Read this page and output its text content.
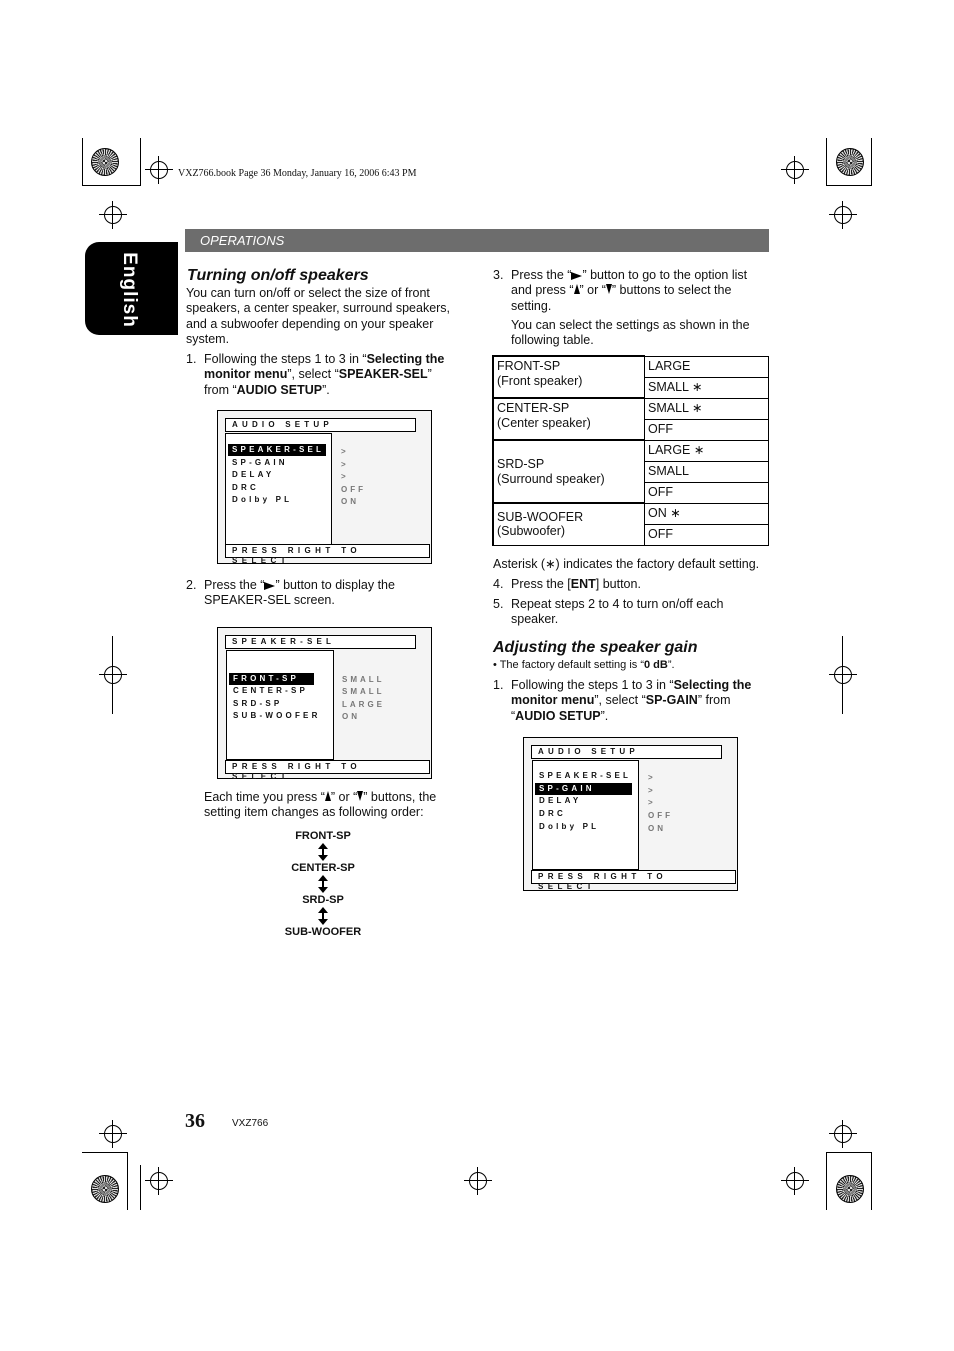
VXZ766.book Page 36 Monday, January 16, 2006 6:43 PM
OPERATIONS
English	Turning on/off speakers

You can turn on/off or select the size of front speakers, a center speaker, surround speakers, and a subwoofer depending on your speaker system.

1. Following the steps 1 to 3 in “Selecting the monitor menu”, select “SPEAKER-SEL” from “AUDIO SETUP”.

AUDIO SETUP
SPEAKER-SEL
SP-GAIN
DELAY
DRC
Dolby PL
>
>
>
OFF
ON
PRESS RIGHT TO SELECT
2. Press the “ ” button to display the SPEAKER-SEL screen.

SPEAKER-SEL
FRONT-SP
CENTER-SP
SRD-SP
SUB-WOOFER
SMALL
SMALL
LARGE
ON
PRESS RIGHT TO SELECT

Each time you press “ ” or “ ” buttons, the setting item changes as following order:

FRONT-SP
CENTER-SP
SRD-SP
SUB-WOOFER
3. Press the “ ” button to go to the option list and press “ ” or “ ” buttons to select the setting.

You can select the settings as shown in the following table.

FRONT-SP
(Front speaker)	LARGE
	SMALL ∗
CENTER-SP
(Center speaker)	SMALL ∗
	OFF
SRD-SP
(Surround speaker)	LARGE ∗
	SMALL
	OFF
SUB-WOOFER
(Subwoofer)	ON ∗
	OFF

Asterisk (∗) indicates the factory default setting.

4. Press the [ENT] button.

5. Repeat steps 2 to 4 to turn on/off each speaker.

Adjusting the speaker gain

• The factory default setting is “0 dB”.

1. Following the steps 1 to 3 in “Selecting the monitor menu”, select “SP-GAIN” from “AUDIO SETUP”.

AUDIO SETUP
SPEAKER-SEL
SP-GAIN
DELAY
DRC
Dolby PL
>
>
>
OFF
ON
PRESS RIGHT TO SELECT
36	VXZ766
